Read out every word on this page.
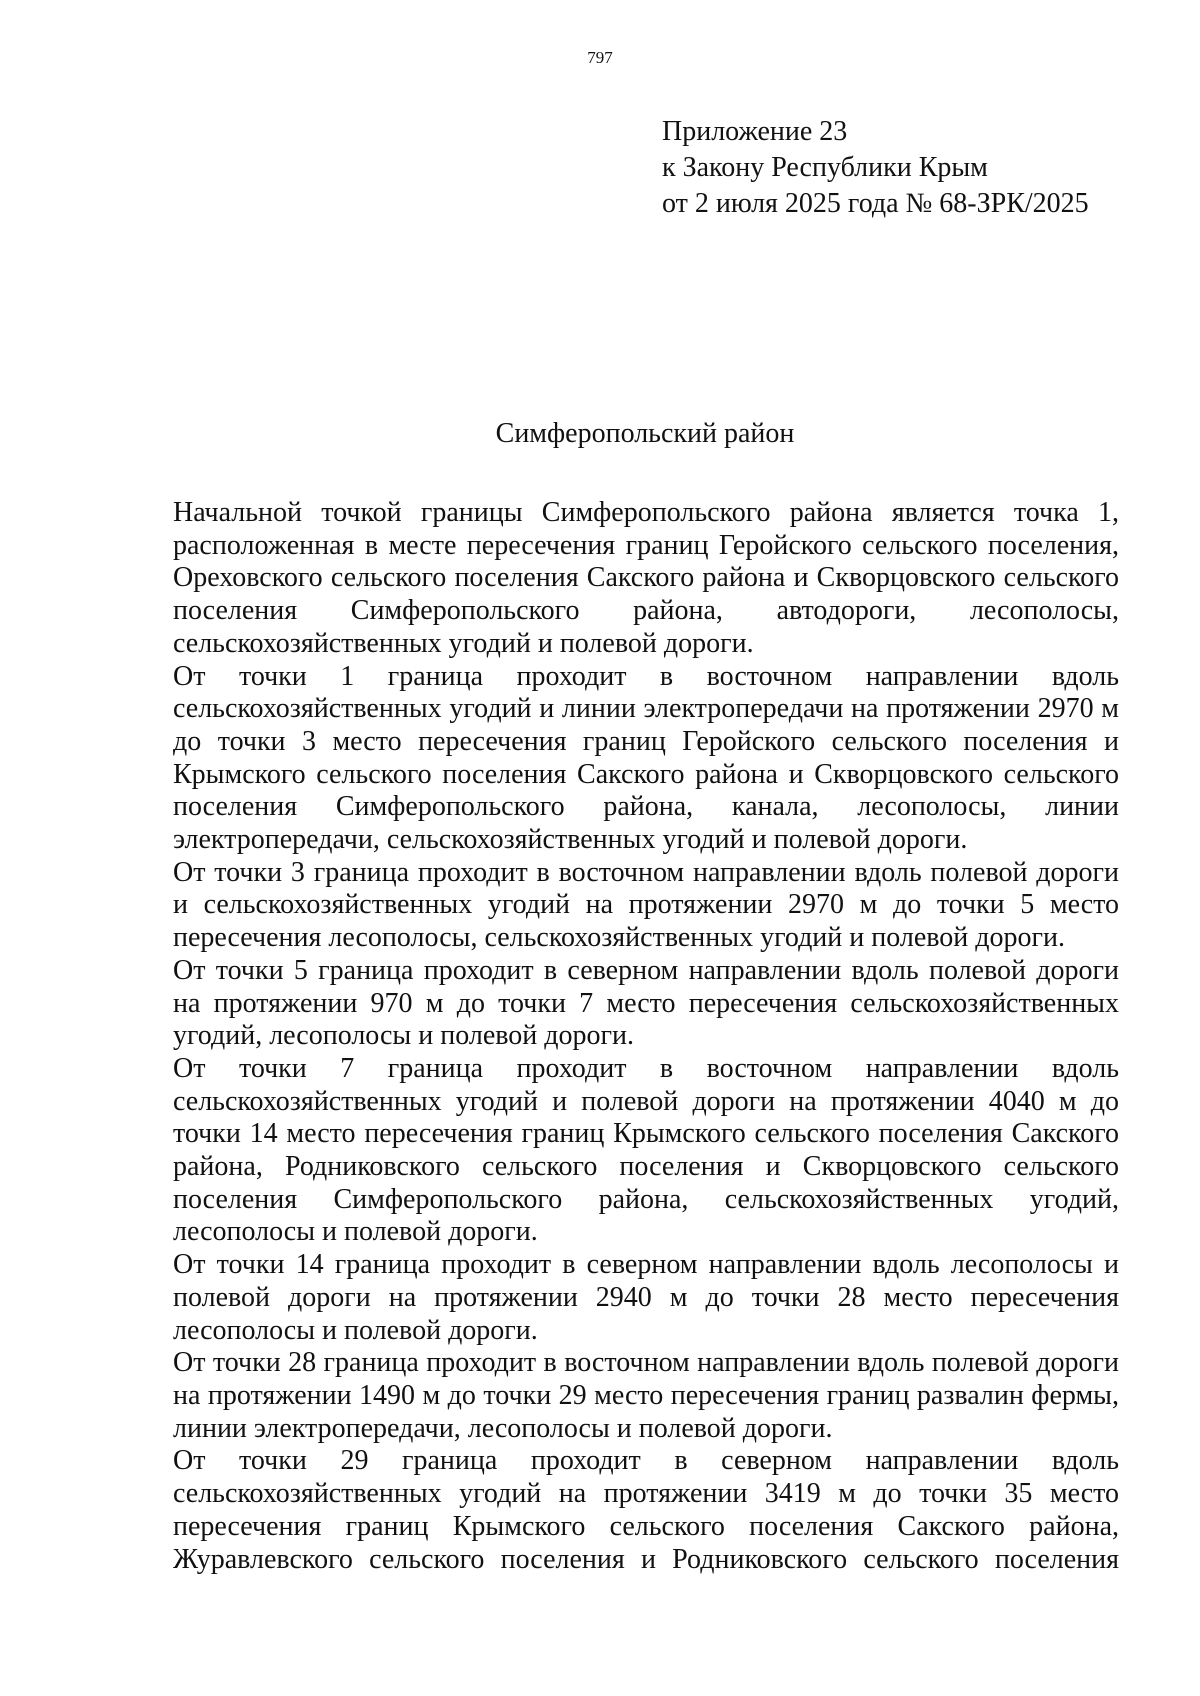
797
Приложение 23
к Закону Республики Крым
от 2 июля 2025 года № 68-ЗРК/2025
Симферопольский район

Начальной точкой границы Симферопольского района является точка 1, расположенная в месте пересечения границ Геройского сельского поселения, Ореховского сельского поселения Сакского района и Скворцовского сельского поселения Симферопольского района, автодороги, лесополосы, сельскохозяйственных угодий и полевой дороги.

От точки 1 граница проходит в восточном направлении вдоль сельскохозяйственных угодий и линии электропередачи на протяжении 2970 м до точки 3 место пересечения границ Геройского сельского поселения и Крымского сельского поселения Сакского района и Скворцовского сельского поселения Симферопольского района, канала, лесополосы, линии электропередачи, сельскохозяйственных угодий и полевой дороги.

От точки 3 граница проходит в восточном направлении вдоль полевой дороги и сельскохозяйственных угодий на протяжении 2970 м до точки 5 место пересечения лесополосы, сельскохозяйственных угодий и полевой дороги.

От точки 5 граница проходит в северном направлении вдоль полевой дороги на протяжении 970 м до точки 7 место пересечения сельскохозяйственных угодий, лесополосы и полевой дороги.

От точки 7 граница проходит в восточном направлении вдоль сельскохозяйственных угодий и полевой дороги на протяжении 4040 м до точки 14 место пересечения границ Крымского сельского поселения Сакского района, Родниковского сельского поселения и Скворцовского сельского поселения Симферопольского района, сельскохозяйственных угодий, лесополосы и полевой дороги.

От точки 14 граница проходит в северном направлении вдоль лесополосы и полевой дороги на протяжении 2940 м до точки 28 место пересечения лесополосы и полевой дороги.

От точки 28 граница проходит в восточном направлении вдоль полевой дороги на протяжении 1490 м до точки 29 место пересечения границ развалин фермы, линии электропередачи, лесополосы и полевой дороги.

От точки 29 граница проходит в северном направлении вдоль сельскохозяйственных угодий на протяжении 3419 м до точки 35 место пересечения границ Крымского сельского поселения Сакского района, Журавлевского сельского поселения и Родниковского сельского поселения
